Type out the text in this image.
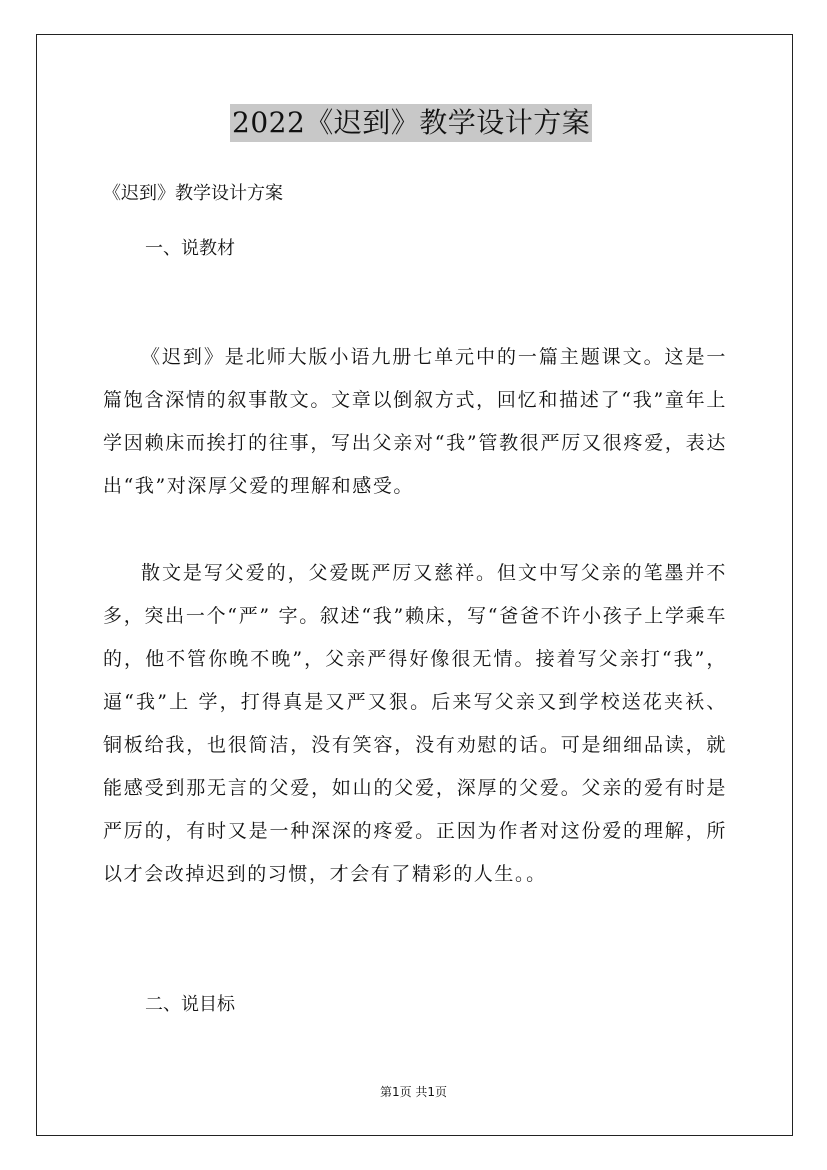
2022《迟到》教学设计方案
《迟到》教学设计方案
一、说教材

《迟到》是北师大版小语九册七单元中的一篇主题课文。这是一篇饱含深情的叙事散文。文章以倒叙方式，回忆和描述了“我”童年上学因赖床而挨打的往事，写出父亲对“我”管教很严厉又很疼爱，表达出“我”对深厚父爱的理解和感受。

散文是写父爱的，父爱既严厉又慈祥。但文中写父亲的笔墨并不多，突出一个“严” 字。叙述“我”赖床，写“爸爸不许小孩子上学乘车的，他不管你晚不晚”，父亲严得好像很无情。接着写父亲打“我”，逼“我”上 学，打得真是又严又狠。后来写父亲又到学校送花夹袄、铜板给我，也很简洁，没有笑容，没有劝慰的话。可是细细品读，就能感受到那无言的父爱，如山的父爱，深厚的父爱。父亲的爱有时是严厉的，有时又是一种深深的疼爱。正因为作者对这份爱的理解，所以才会改掉迟到的习惯，才会有了精彩的人生。。

二、说目标
第1页 共1页
